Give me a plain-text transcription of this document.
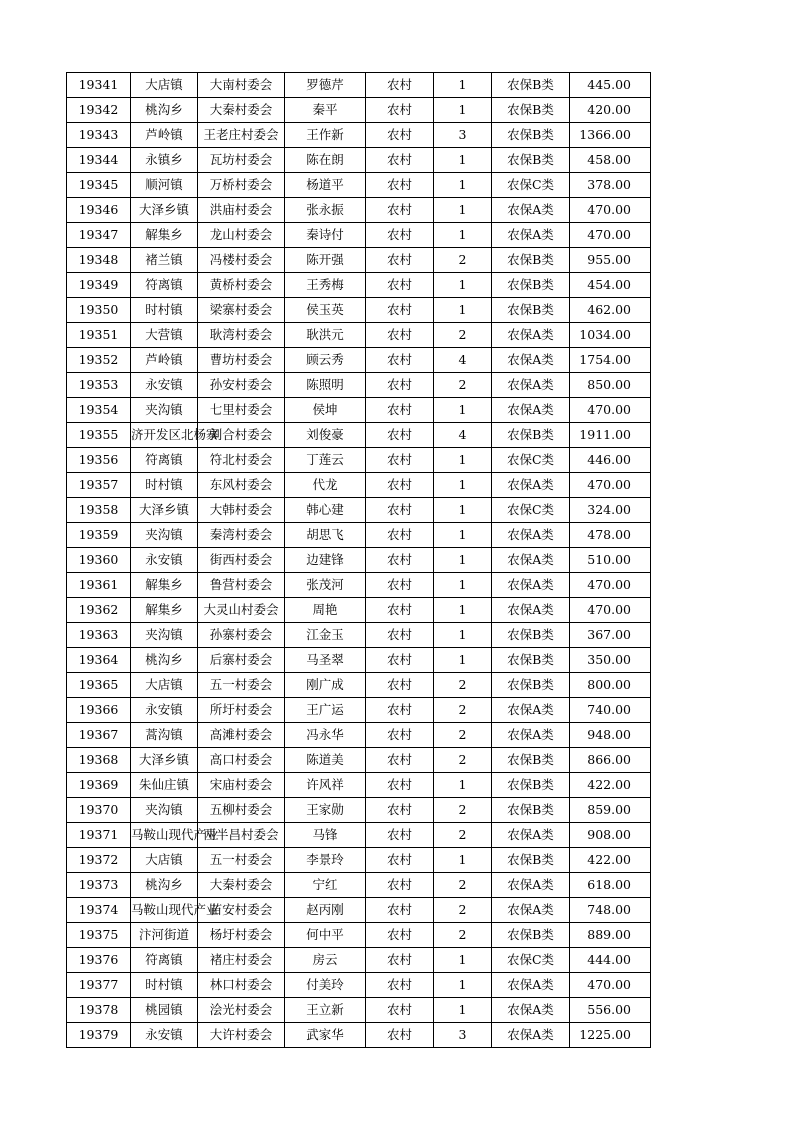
19341	大店镇	大南村委会	罗德芹	农村	1	农保B类	445.00
19342	桃沟乡	大秦村委会	秦平	农村	1	农保B类	420.00
19343	芦岭镇	王老庄村委会	王作新	农村	3	农保B类	1366.00
19344	永镇乡	瓦坊村委会	陈在朗	农村	1	农保B类	458.00
19345	顺河镇	万桥村委会	杨道平	农村	1	农保C类	378.00
19346	大泽乡镇	洪庙村委会	张永振	农村	1	农保A类	470.00
19347	解集乡	龙山村委会	秦诗付	农村	1	农保A类	470.00
19348	褚兰镇	冯楼村委会	陈开强	农村	2	农保B类	955.00
19349	符离镇	黄桥村委会	王秀梅	农村	1	农保B类	454.00
19350	时村镇	梁寨村委会	侯玉英	农村	1	农保B类	462.00
19351	大营镇	耿湾村委会	耿洪元	农村	2	农保A类	1034.00
19352	芦岭镇	曹坊村委会	顾云秀	农村	4	农保A类	1754.00
19353	永安镇	孙安村委会	陈照明	农村	2	农保A类	850.00
19354	夹沟镇	七里村委会	侯坤	农村	1	农保A类	470.00
19355	济开发区北杨寨	刘合村委会	刘俊豪	农村	4	农保B类	1911.00
19356	符离镇	符北村委会	丁莲云	农村	1	农保C类	446.00
19357	时村镇	东风村委会	代龙	农村	1	农保A类	470.00
19358	大泽乡镇	大韩村委会	韩心建	农村	1	农保C类	324.00
19359	夹沟镇	秦湾村委会	胡思飞	农村	1	农保A类	478.00
19360	永安镇	街西村委会	边建锋	农村	1	农保A类	510.00
19361	解集乡	鲁营村委会	张茂河	农村	1	农保A类	470.00
19362	解集乡	大灵山村委会	周艳	农村	1	农保A类	470.00
19363	夹沟镇	孙寨村委会	江金玉	农村	1	农保B类	367.00
19364	桃沟乡	后寨村委会	马圣翠	农村	1	农保B类	350.00
19365	大店镇	五一村委会	刚广成	农村	2	农保B类	800.00
19366	永安镇	所圩村委会	王广运	农村	2	农保A类	740.00
19367	蒿沟镇	高滩村委会	冯永华	农村	2	农保A类	948.00
19368	大泽乡镇	高口村委会	陈道美	农村	2	农保B类	866.00
19369	朱仙庄镇	宋庙村委会	许风祥	农村	1	农保B类	422.00
19370	夹沟镇	五柳村委会	王家勋	农村	2	农保B类	859.00
19371	马鞍山现代产业	两半昌村委会	马锋	农村	2	农保A类	908.00
19372	大店镇	五一村委会	李景玲	农村	1	农保B类	422.00
19373	桃沟乡	大秦村委会	宁红	农村	2	农保A类	618.00
19374	马鞍山现代产业	苗安村委会	赵丙刚	农村	2	农保A类	748.00
19375	汴河街道	杨圩村委会	何中平	农村	2	农保B类	889.00
19376	符离镇	褚庄村委会	房云	农村	1	农保C类	444.00
19377	时村镇	林口村委会	付美玲	农村	1	农保A类	470.00
19378	桃园镇	浍光村委会	王立新	农村	1	农保A类	556.00
19379	永安镇	大许村委会	武家华	农村	3	农保A类	1225.00
